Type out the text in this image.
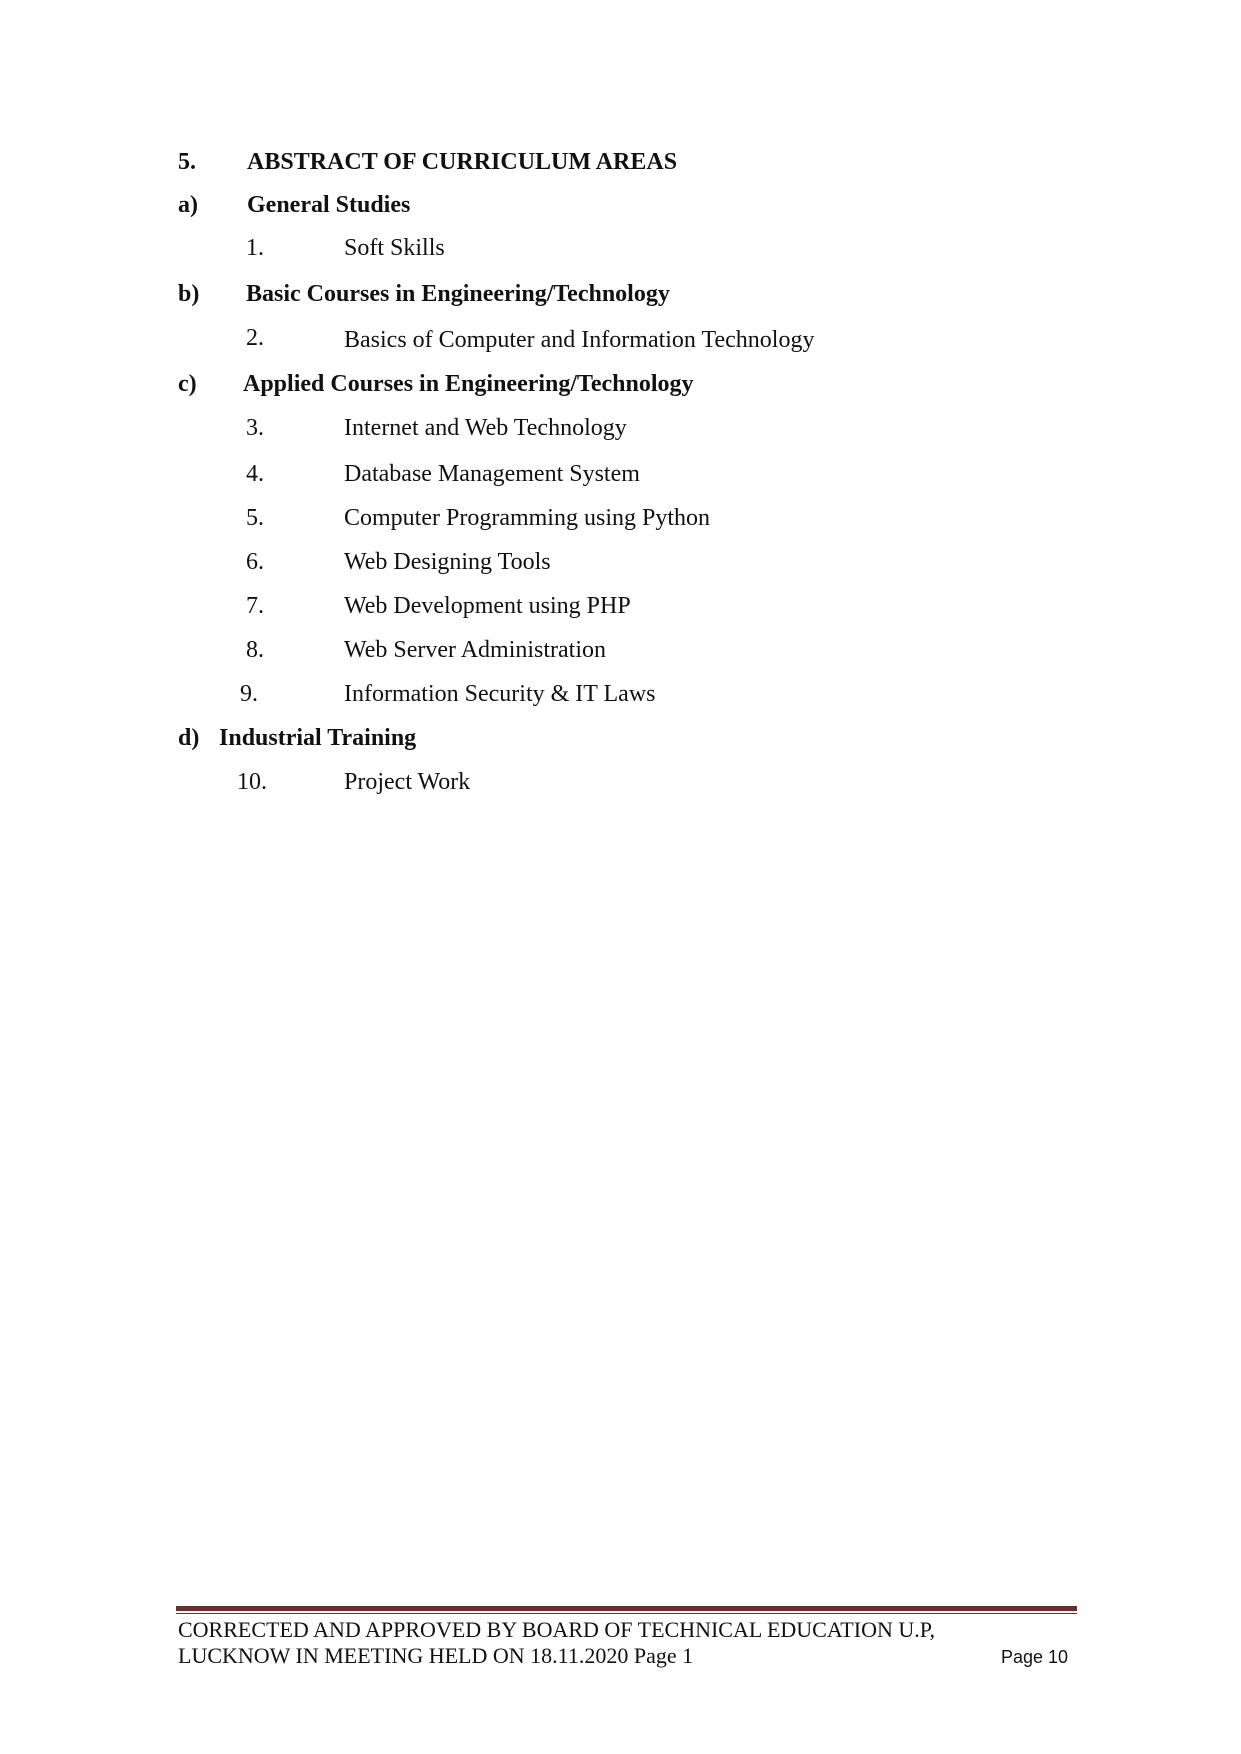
5. ABSTRACT OF CURRICULUM AREAS
a) General Studies
1.	Soft Skills
b) Basic Courses in Engineering/Technology
2.	Basics of Computer and Information Technology
c) Applied Courses in Engineering/Technology
3.	Internet and Web Technology
4.	Database Management System
5.	Computer Programming using Python
6.	Web Designing Tools
7.	Web Development using PHP
8.	Web Server Administration
9.	Information Security & IT Laws
d) Industrial Training
10.	Project Work
CORRECTED AND APPROVED BY BOARD OF TECHNICAL EDUCATION U.P,
LUCKNOW IN MEETING HELD ON 18.11.2020 Page 1	Page 10
